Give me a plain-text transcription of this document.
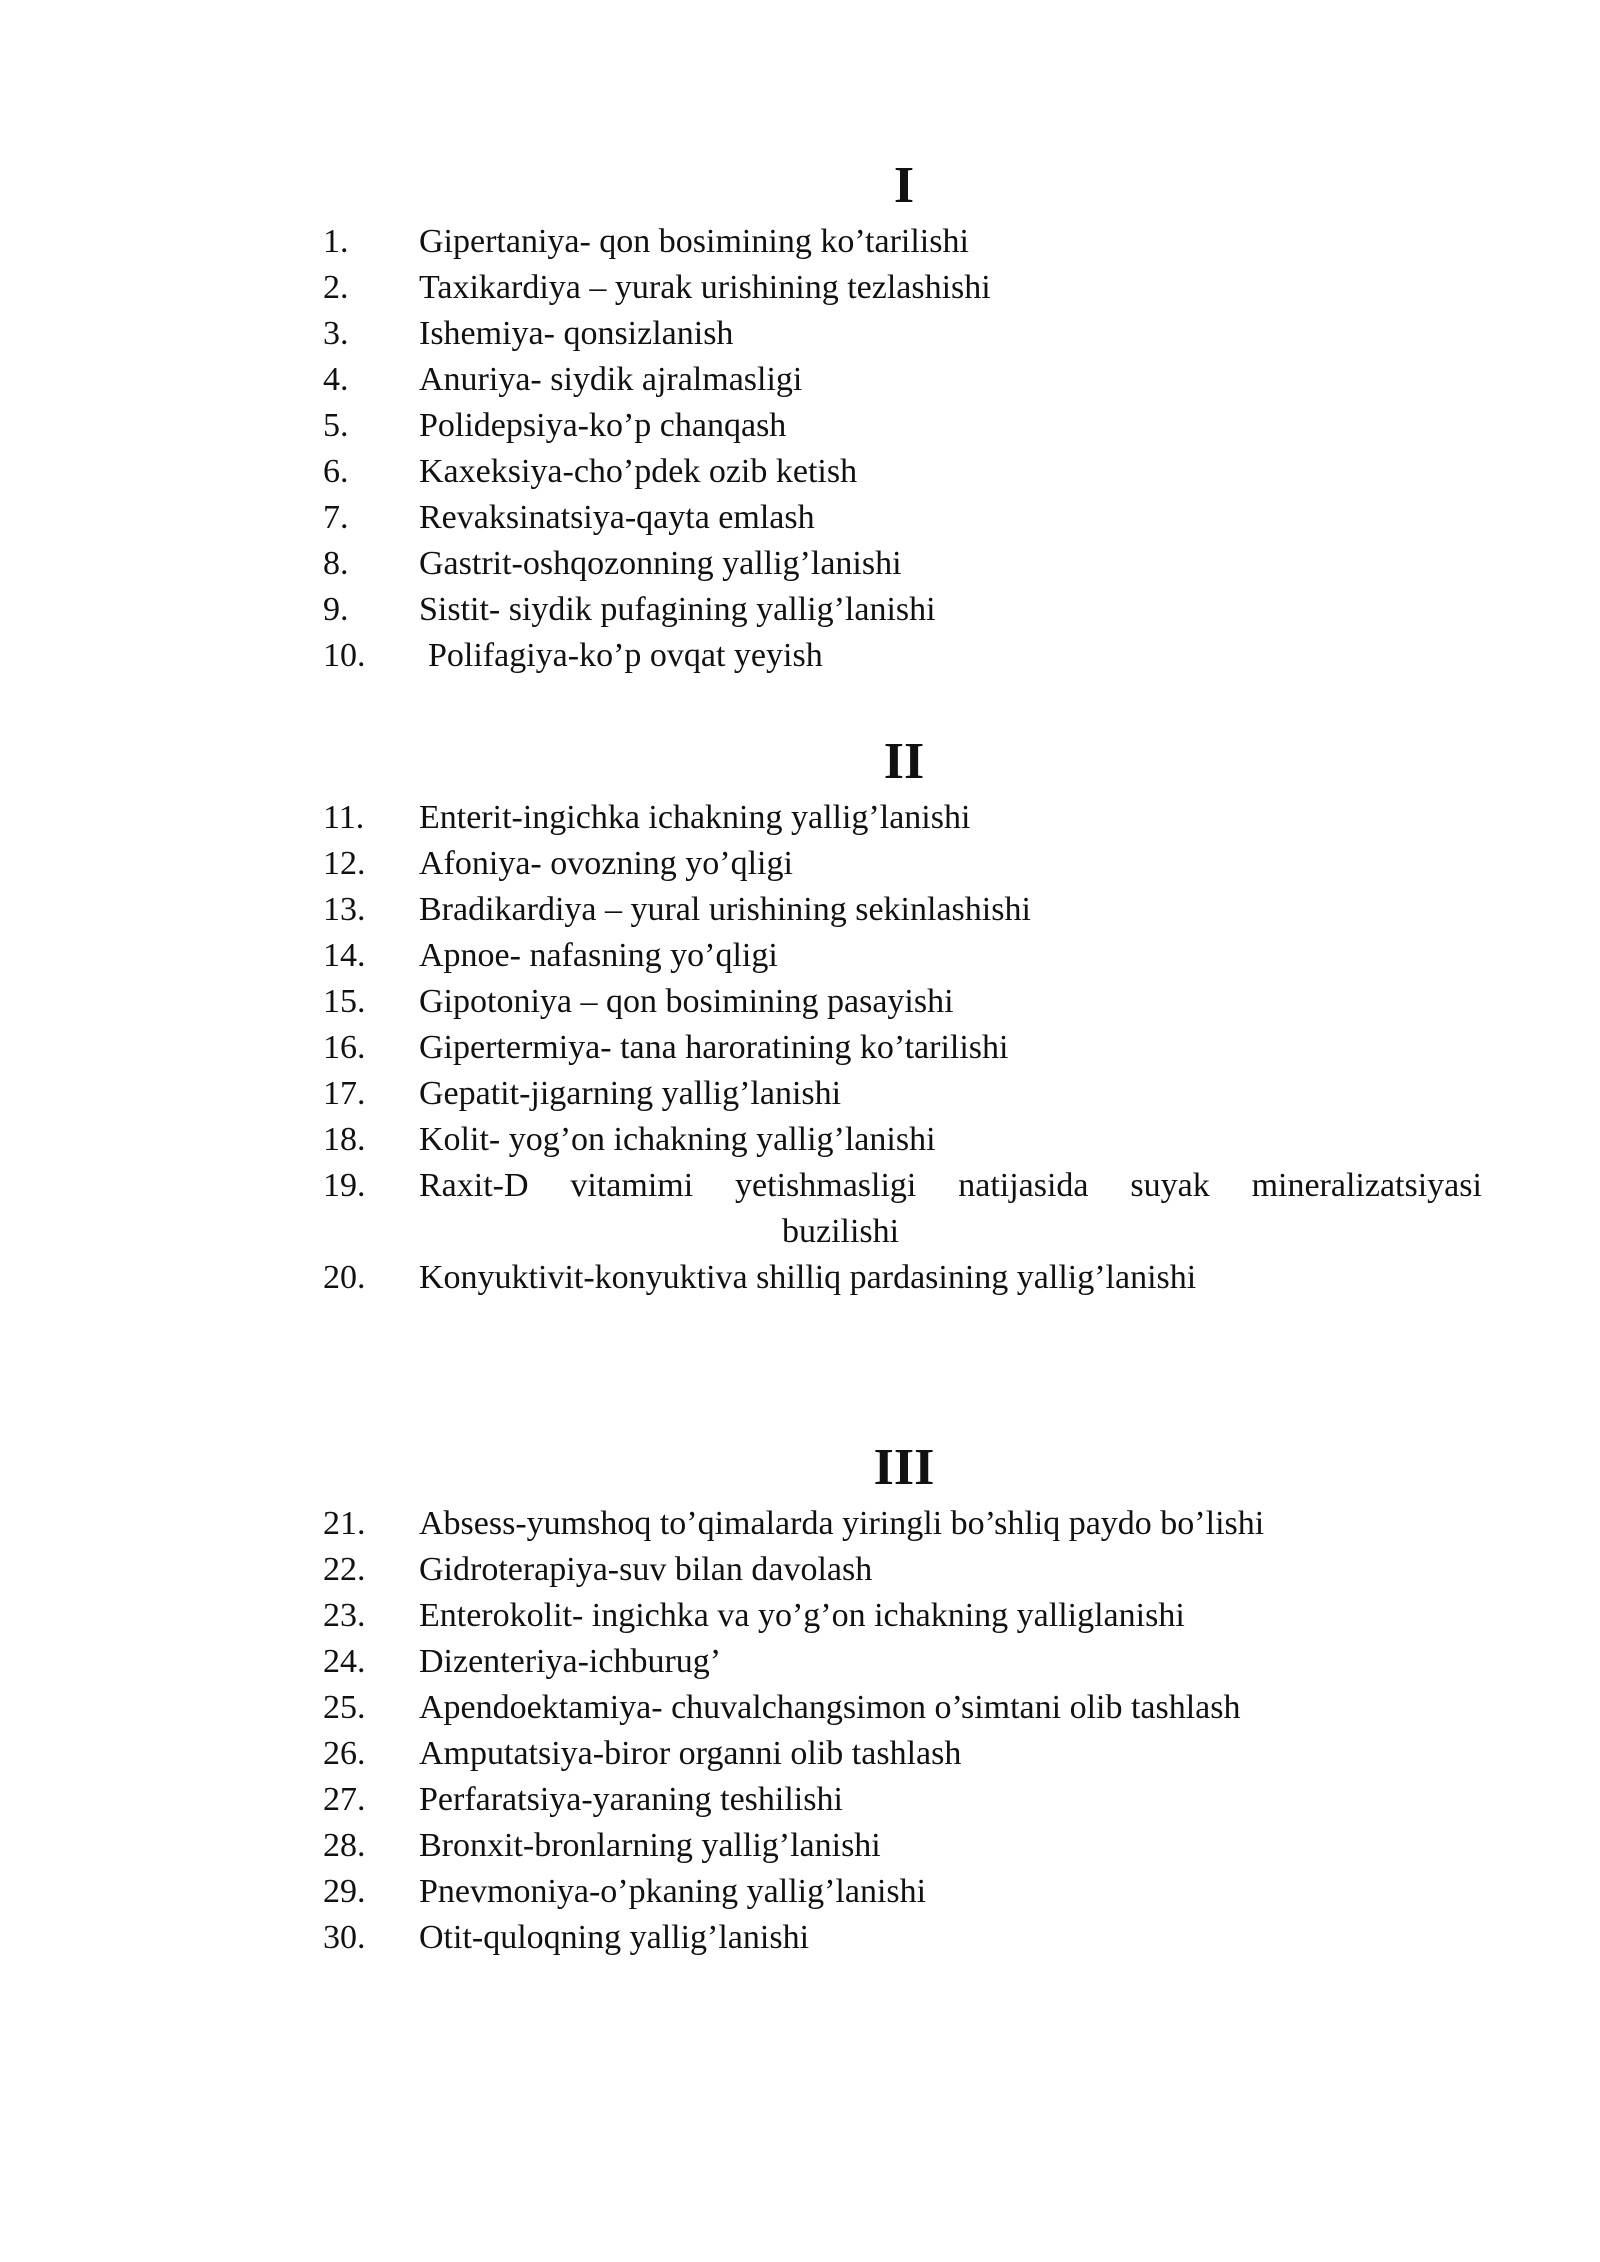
I
1. Gipertaniya- qon bosimining ko’tarilishi
2. Taxikardiya – yurak urishining tezlashishi
3. Ishemiya- qonsizlanish
4. Anuriya- siydik ajralmasligi
5. Polidepsiya-ko’p chanqash
6. Kaxeksiya-cho’pdek ozib ketish
7. Revaksinatsiya-qayta emlash
8. Gastrit-oshqozonning yallig’lanishi
9. Sistit- siydik pufagining yallig’lanishi
10. Polifagiya-ko’p ovqat yeyish
II
11. Enterit-ingichka ichakning yallig’lanishi
12. Afoniya- ovozning yo’qligi
13. Bradikardiya – yural urishining sekinlashishi
14. Apnoe- nafasning yo’qligi
15. Gipotoniya – qon bosimining pasayishi
16. Gipertermiya- tana haroratining ko’tarilishi
17. Gepatit-jigarning yallig’lanishi
18. Kolit- yog’on ichakning yallig’lanishi
19. Raxit-D vitamimi yetishmasligi natijasida suyak mineralizatsiyasi
buzilishi
20. Konyuktivit-konyuktiva shilliq pardasining yallig’lanishi
III
21. Absess-yumshoq to’qimalarda yiringli bo’shliq paydo bo’lishi
22. Gidroterapiya-suv bilan davolash
23. Enterokolit- ingichka va yo’g’on ichakning yalliglanishi
24. Dizenteriya-ichburug’
25. Apendoektamiya- chuvalchangsimon o’simtani olib tashlash
26. Amputatsiya-biror organni olib tashlash
27. Perfaratsiya-yaraning teshilishi
28. Bronxit-bronlarning yallig’lanishi
29. Pnevmoniya-o’pkaning yallig’lanishi
30. Otit-quloqning yallig’lanishi
